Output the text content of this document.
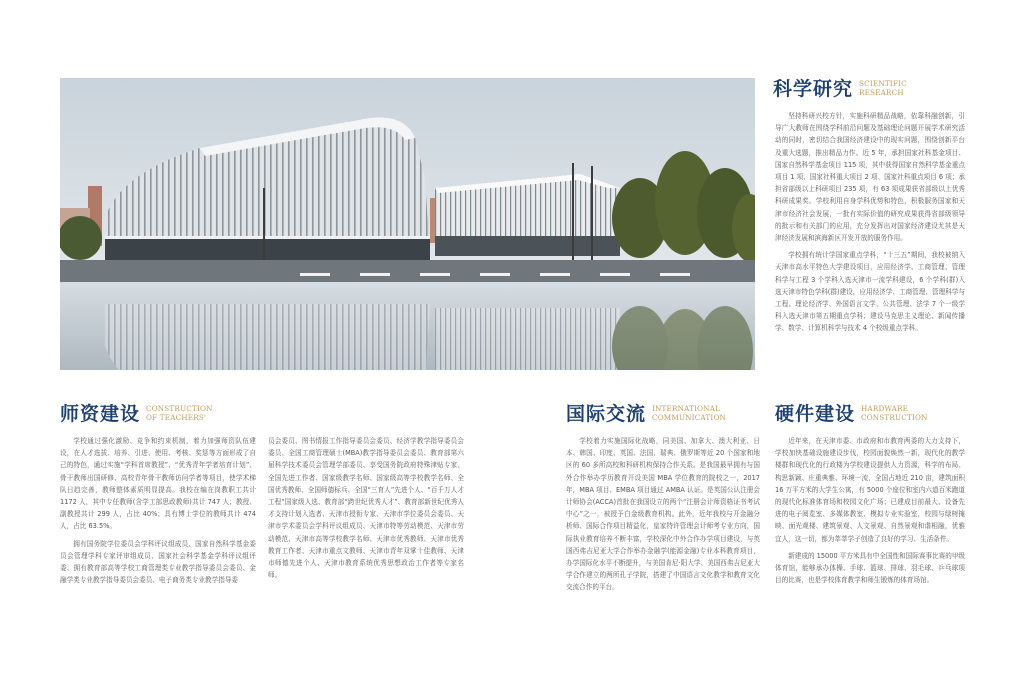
科学研究 SCIENTIFIC
RESEARCH

坚持科研兴校方针，实施科研精品战略，依靠科融创新，引导广大教师在围绕学科前沿问题及基础理论问题开展学术研究活动的同时，密切结合我国经济建设中的现实问题，围绕创新平台及重大选题，推出精品力作。近 5 年，承担国家社科基金项目、国家自然科学基金项目 115 项，其中获得国家自然科学基金重点项目 1 项、国家社科重大项目 2 项、国家社科重点项目 6 项；承担省部级以上科研项目 235 项，有 63 项成果获省部级以上优秀科研成果奖。学校利用自身学科优势和特色，积极服务国家和天津市经济社会发展，一批有实际价值的研究成果获得省部级领导的批示和有关部门的应用，充分发挥出对国家经济建设尤其是天津经济发展和滨海新区开发开放的服务作用。

学校拥有统计学国家重点学科，“十三五”期间，我校被纳入天津市高水平特色大学建设项目，应用经济学、工商管理、管理科学与工程 3 个学科入选天津市一流学科建设，6 个学科(群)入选天津市特色学科(群)建设，应用经济学、工商管理、管理科学与工程、理论经济学、外国语言文学、公共管理、法学 7 个一级学科入选天津市第五期重点学科；建设马克思主义理论、新闻传播学、数学、计算机科学与技术 4 个校级重点学科。

师资建设 CONSTRUCTION
OF TEACHERS'

学校通过强化激励、竞争和约束机制，着力加强师资队伍建设，在人才选拔、培养、引进、使用、考核、奖惩等方面形成了自己的特色，通过实施“学科首席教授”、“优秀青年学者培育计划”、骨干教师出国研修、高校青年骨干教师访问学者等项目，使学术梯队日趋完善，教师整体素质明显提高。我校在编在岗教职工共计 1172 人，其中专任教师(含学工部思政教师)共计 747 人；教授、副教授共计 299 人，占比 40%；具有博士学位的教师共计 474 人，占比 63.5%。

拥有国务院学位委员会学科评议组成员、国家自然科学基金委员会管理学科专家评审组成员、国家社会科学基金学科评议组评委、拥有教育部高等学校工商管理类专业教学指导委员会委员、金融学类专业教学指导委员会委员、电子商务类专业教学指导委

员会委员、图书情报工作指导委员会委员、经济学教学指导委员会委员、全国工商管理硕士(MBA)教学指导委员会委员、教育部第六届科学技术委员会管理学部委员、享受国务院政府特殊津贴专家、全国先进工作者、国家级教学名师、国家级高等学校教学名师、全国优秀教师、全国师德标兵、全国“三育人”先进个人、“百千万人才工程”国家级人选、教育部“跨世纪优秀人才”、教育部新世纪优秀人才支持计划入选者、天津市授衔专家、天津市学位委员会委员、天津市学术委员会学科评议组成员、天津市特等劳动模范、天津市劳动模范、天津市高等学校教学名师、天津市优秀教师、天津市优秀教育工作者、天津市重点文教师、天津市青年双掌十佳教师、天津市师德先进个人、天津市教育系统优秀思想政治工作者等专家名师。

国际交流 INTERNATIONAL
COMMUNICATION

学校着力实施国际化战略，同美国、加拿大、澳大利亚、日本、韩国、印度、英国、法国、瑞典、俄罗斯等近 20 个国家和地区的 60 多所高校和科研机构保持合作关系。是我国最早拥有与国外合作举办学历教育开设美国 MBA 学位教育的院校之一，2017 年，MBA 项目、EMBA 项目通过 AMBA 认证。是英国公认注册会计师协会(ACCA)首批在我国设立的两个“注册会计师资格证书考试中心”之一，被授予白金级教育机构。此外，近年我校与开金融分析师、国际合作项目精益化，皇家特许管理会计师考专业方向，国际执业教育培养不断丰富，学校深化中外合作办学项目建设，与英国西弗吉尼亚大学合作举办金融学(能源金融)专业本科教育项目，办学国际化水平不断提升，与美国肯尼·阳大学、美国西弗吉尼亚大学合作建立的两所孔子学院，搭建了中国语言文化教学和教育文化交流合作的平台。

硬件建设 HARDWARE
CONSTRUCTION

近年来，在天津市委、市政府和市教育两委的大力支持下，学校加快基础设施建设步伐，校园面貌焕然一新，现代化的教学楼群和现代化的行政楼为学校建设提供人力资源，科学的布局、构思新颖、庄重典雅、环境一流，全国占地近 210 亩，建筑面积 16 万平方米的大学生公寓，有 5000 个座位和室内六道百米跑道的现代化标准体育场和校园文化广场；已建成目前最大、设备先进的电子阅览室、多媒体教室、模拟专业实验室，校园与绿树掩映、面光观楼、建筑景观、人文景观、自然景观和谐相融，优雅宜人，这一切，都为莘莘学子创造了良好的学习、生活条件。

新建成的 15000 平方米具有中全国性和国际赛事比赛的甲级体育馆，能够承办体操、手球、篮球、排球、羽毛球、乒乓球项目的比赛，也是学校体育教学和师生锻炼的体育场馆。
